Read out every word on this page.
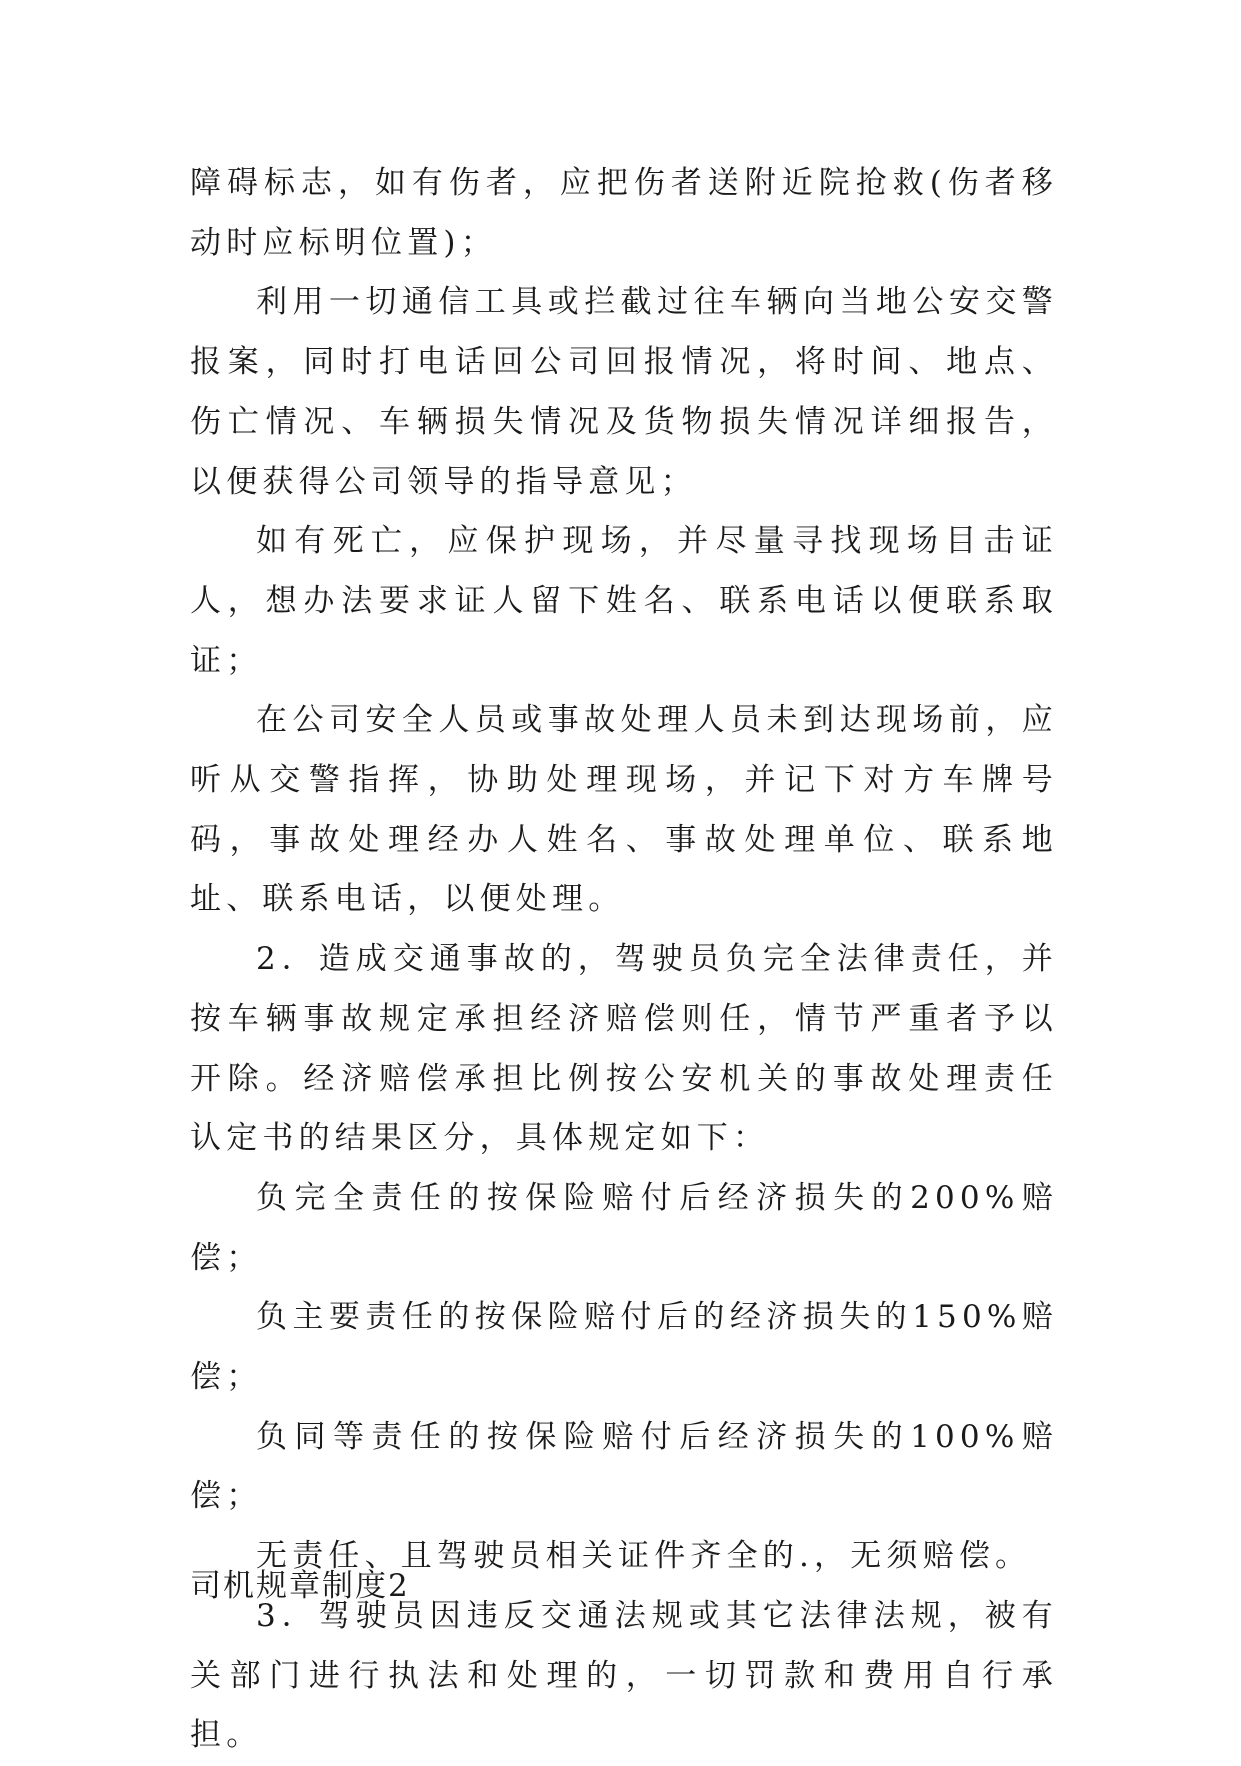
障碍标志，如有伤者，应把伤者送附近院抢救(伤者移动时应标明位置)；

利用一切通信工具或拦截过往车辆向当地公安交警报案，同时打电话回公司回报情况，将时间、地点、伤亡情况、车辆损失情况及货物损失情况详细报告，以便获得公司领导的指导意见；

如有死亡，应保护现场，并尽量寻找现场目击证人，想办法要求证人留下姓名、联系电话以便联系取证；

在公司安全人员或事故处理人员未到达现场前，应听从交警指挥，协助处理现场，并记下对方车牌号码，事故处理经办人姓名、事故处理单位、联系地址、联系电话，以便处理。

2．造成交通事故的，驾驶员负完全法律责任，并按车辆事故规定承担经济赔偿则任，情节严重者予以开除。经济赔偿承担比例按公安机关的事故处理责任认定书的结果区分，具体规定如下：

负完全责任的按保险赔付后经济损失的200%赔偿；

负主要责任的按保险赔付后的经济损失的150%赔偿；

负同等责任的按保险赔付后经济损失的100%赔偿；

无责任、且驾驶员相关证件齐全的.，无须赔偿。

3．驾驶员因违反交通法规或其它法律法规，被有关部门进行执法和处理的，一切罚款和费用自行承担。

司机规章制度2
